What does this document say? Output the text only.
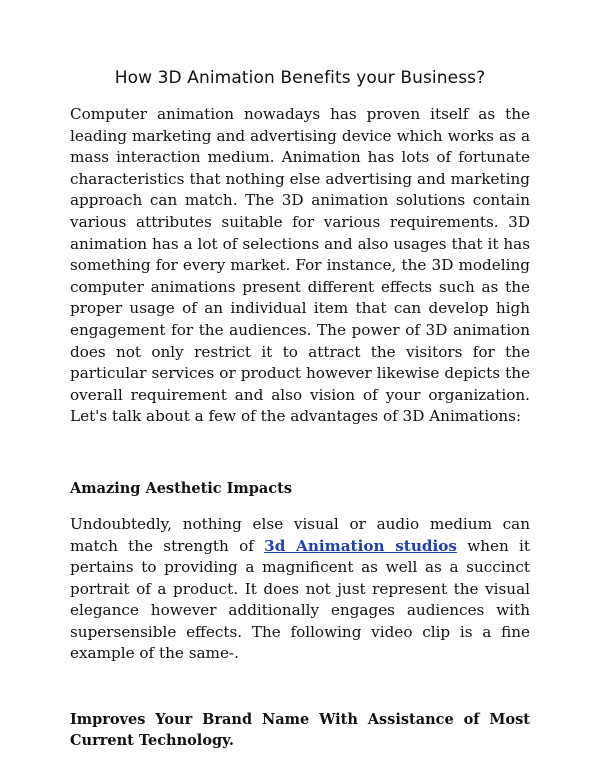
How 3D Animation Benefits your Business?

Computer animation nowadays has proven itself as the leading marketing and advertising device which works as a mass interaction medium. Animation has lots of fortunate characteristics that nothing else advertising and marketing approach can match. The 3D animation solutions contain various attributes suitable for various requirements. 3D animation has a lot of selections and also usages that it has something for every market. For instance, the 3D modeling computer animations present different effects such as the proper usage of an individual item that can develop high engagement for the audiences. The power of 3D animation does not only restrict it to attract the visitors for the particular services or product however likewise depicts the overall requirement and also vision of your organization. Let's talk about a few of the advantages of 3D Animations:

Amazing Aesthetic Impacts

Undoubtedly, nothing else visual or audio medium can match the strength of 3d Animation studios when it pertains to providing a magnificent as well as a succinct portrait of a product. It does not just represent the visual elegance however additionally engages audiences with supersensible effects. The following video clip is a fine example of the same-.

Improves Your Brand Name With Assistance of Most Current Technology.
